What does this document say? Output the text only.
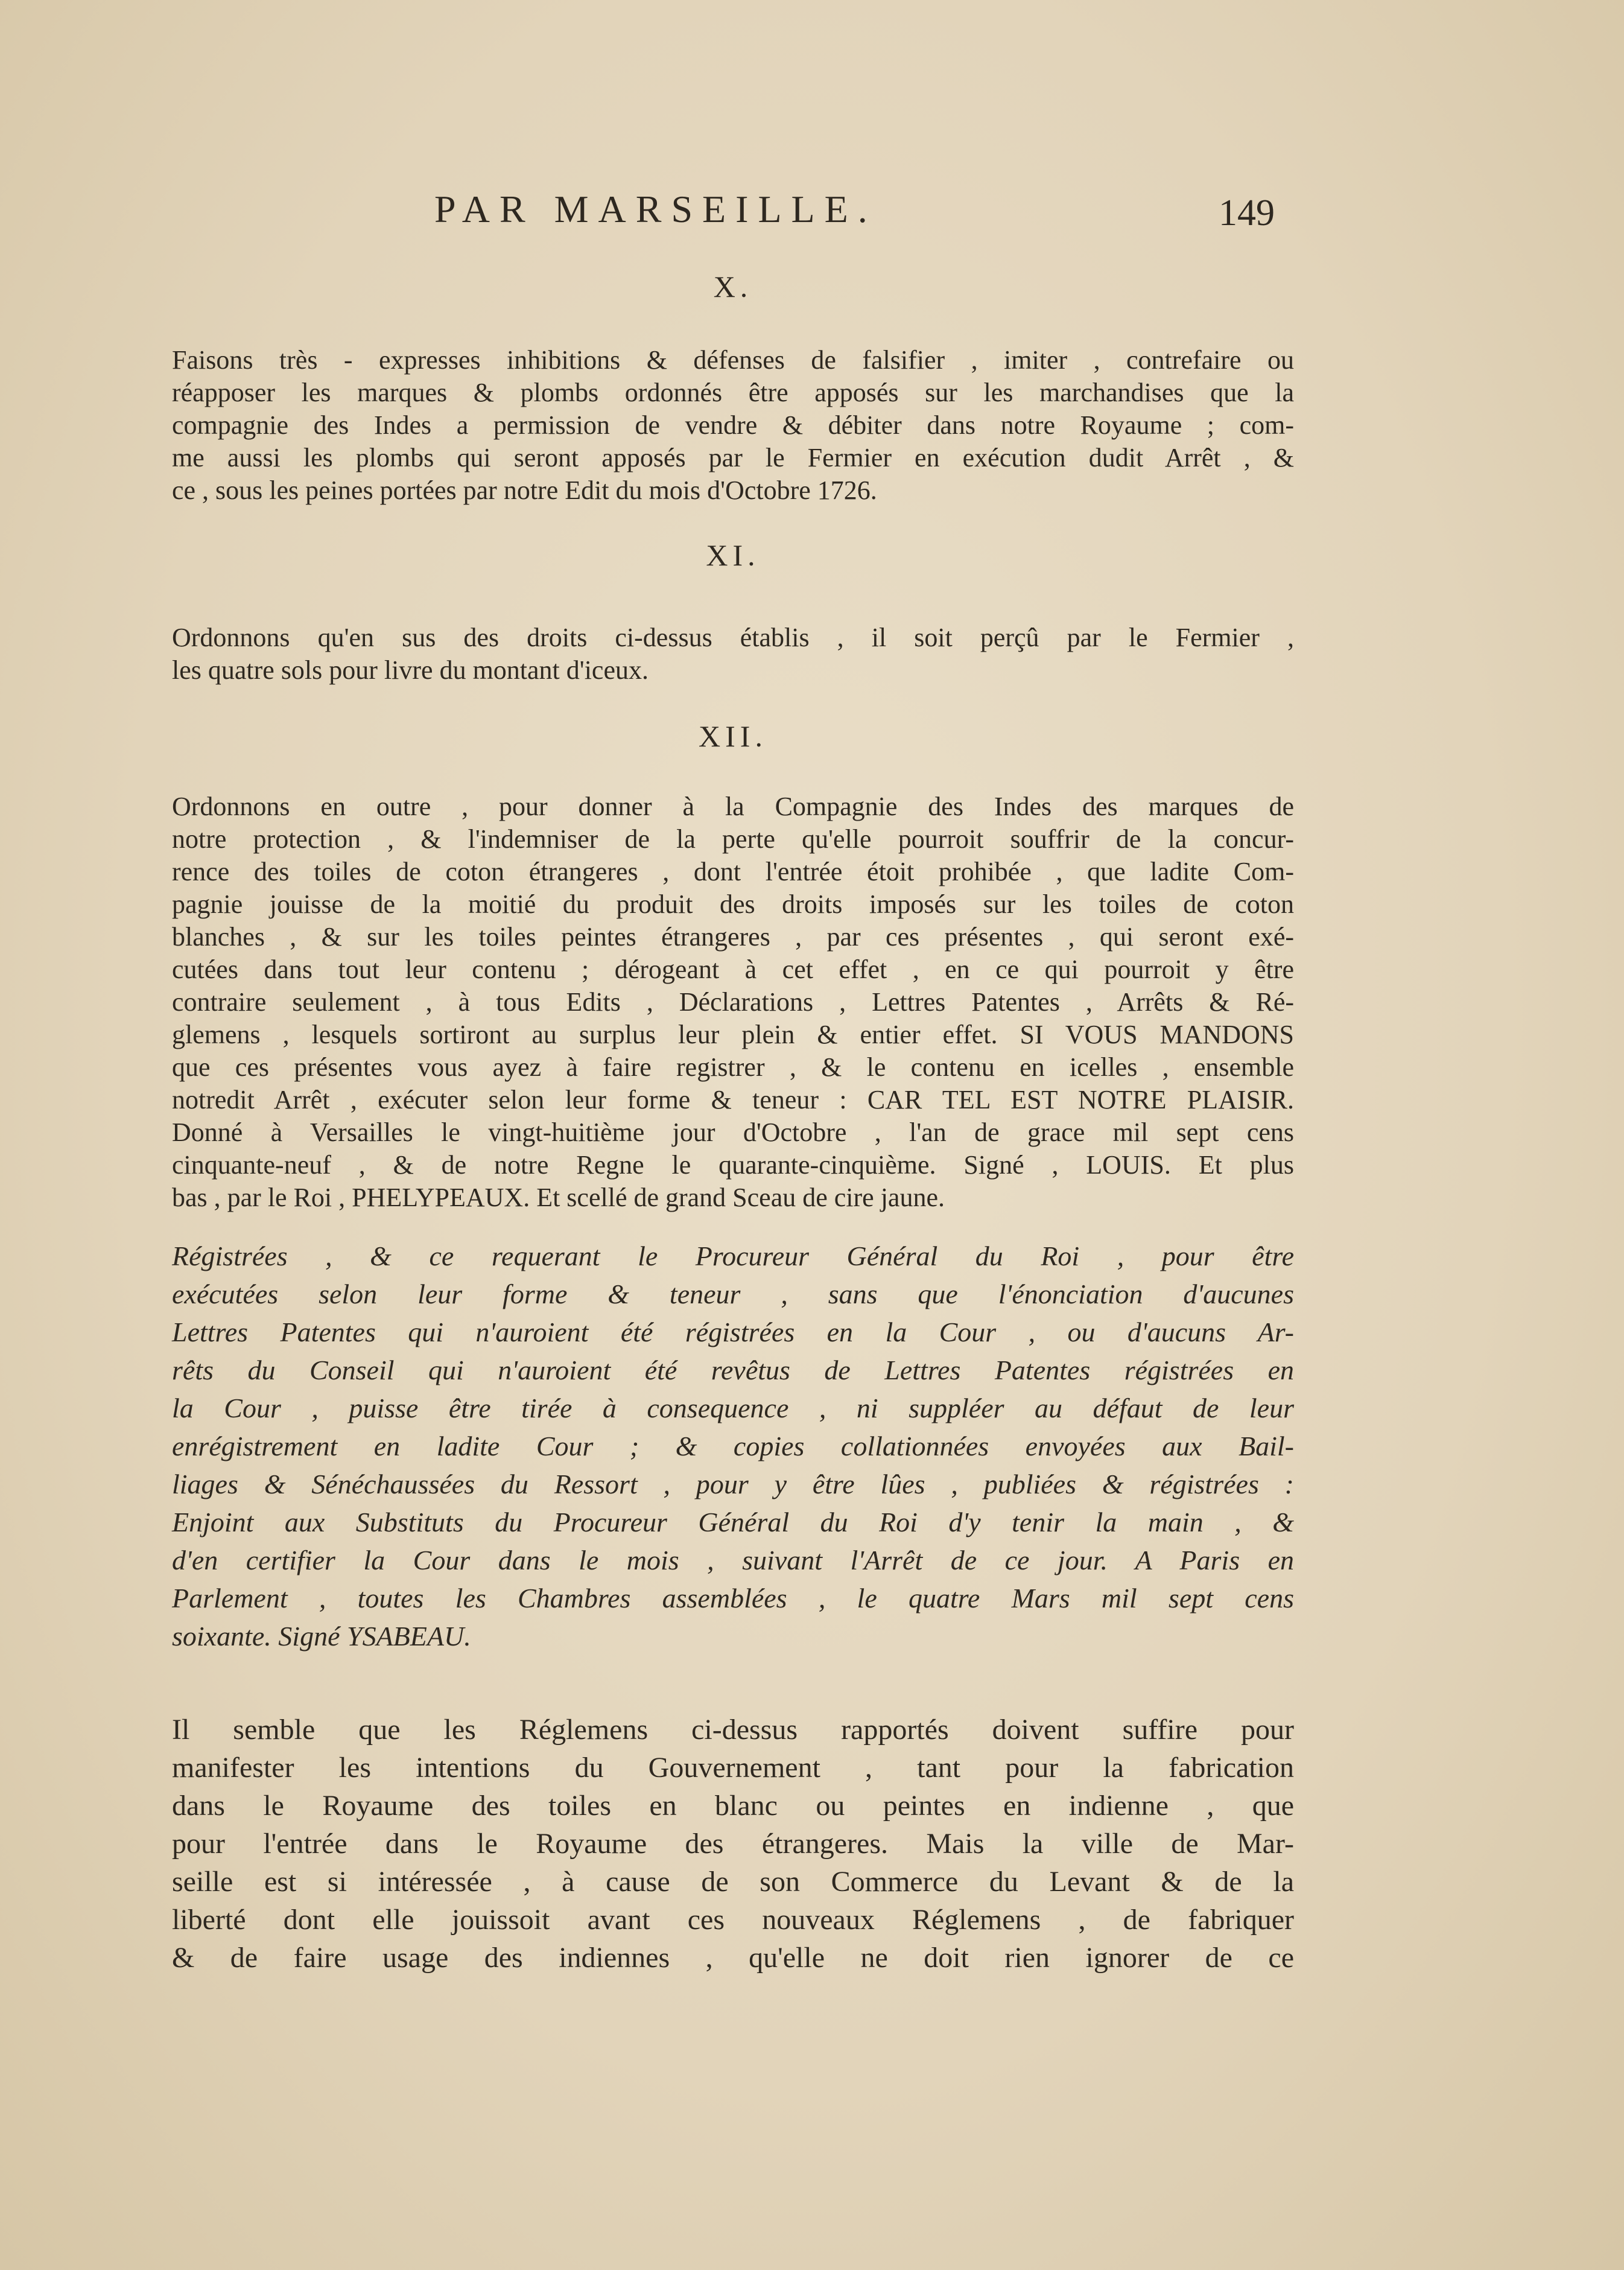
PAR MARSEILLE.	149
X.
Faisons très - expresses inhibitions & défenses de falsifier , imiter , contrefaire ou
réapposer les marques & plombs ordonnés être apposés sur les marchandises que la
compagnie des Indes a permission de vendre & débiter dans notre Royaume ; com-
me aussi les plombs qui seront apposés par le Fermier en exécution dudit Arrêt , &
ce , sous les peines portées par notre Edit du mois d'Octobre 1726.
XI.
Ordonnons qu'en sus des droits ci-dessus établis , il soit perçû par le Fermier ,
les quatre sols pour livre du montant d'iceux.
XII.
Ordonnons en outre , pour donner à la Compagnie des Indes des marques de
notre protection , & l'indemniser de la perte qu'elle pourroit souffrir de la concur-
rence des toiles de coton étrangeres , dont l'entrée étoit prohibée , que ladite Com-
pagnie jouisse de la moitié du produit des droits imposés sur les toiles de coton
blanches , & sur les toiles peintes étrangeres , par ces présentes , qui seront exé-
cutées dans tout leur contenu ; dérogeant à cet effet , en ce qui pourroit y être
contraire seulement , à tous Edits , Déclarations , Lettres Patentes , Arrêts & Ré-
glemens , lesquels sortiront au surplus leur plein & entier effet. SI VOUS MANDONS
que ces présentes vous ayez à faire registrer , & le contenu en icelles , ensemble
notredit Arrêt , exécuter selon leur forme & teneur : CAR TEL EST NOTRE PLAISIR.
Donné à Versailles le vingt-huitième jour d'Octobre , l'an de grace mil sept cens
cinquante-neuf , & de notre Regne le quarante-cinquième. Signé , LOUIS. Et plus
bas , par le Roi , PHELYPEAUX. Et scellé de grand Sceau de cire jaune.
Régistrées , & ce requerant le Procureur Général du Roi , pour être
exécutées selon leur forme & teneur , sans que l'énonciation d'aucunes
Lettres Patentes qui n'auroient été régistrées en la Cour , ou d'aucuns Ar-
rêts du Conseil qui n'auroient été revêtus de Lettres Patentes régistrées en
la Cour , puisse être tirée à consequence , ni suppléer au défaut de leur
enrégistrement en ladite Cour ; & copies collationnées envoyées aux Bail-
liages & Sénéchaussées du Ressort , pour y être lûes , publiées & régistrées :
Enjoint aux Substituts du Procureur Général du Roi d'y tenir la main , &
d'en certifier la Cour dans le mois , suivant l'Arrêt de ce jour. A Paris en
Parlement , toutes les Chambres assemblées , le quatre Mars mil sept cens
soixante. Signé YSABEAU.
Il semble que les Réglemens ci-dessus rapportés doivent suffire pour
manifester les intentions du Gouvernement , tant pour la fabrication
dans le Royaume des toiles en blanc ou peintes en indienne , que
pour l'entrée dans le Royaume des étrangeres. Mais la ville de Mar-
seille est si intéressée , à cause de son Commerce du Levant & de la
liberté dont elle jouissoit avant ces nouveaux Réglemens , de fabriquer
& de faire usage des indiennes , qu'elle ne doit rien ignorer de ce
